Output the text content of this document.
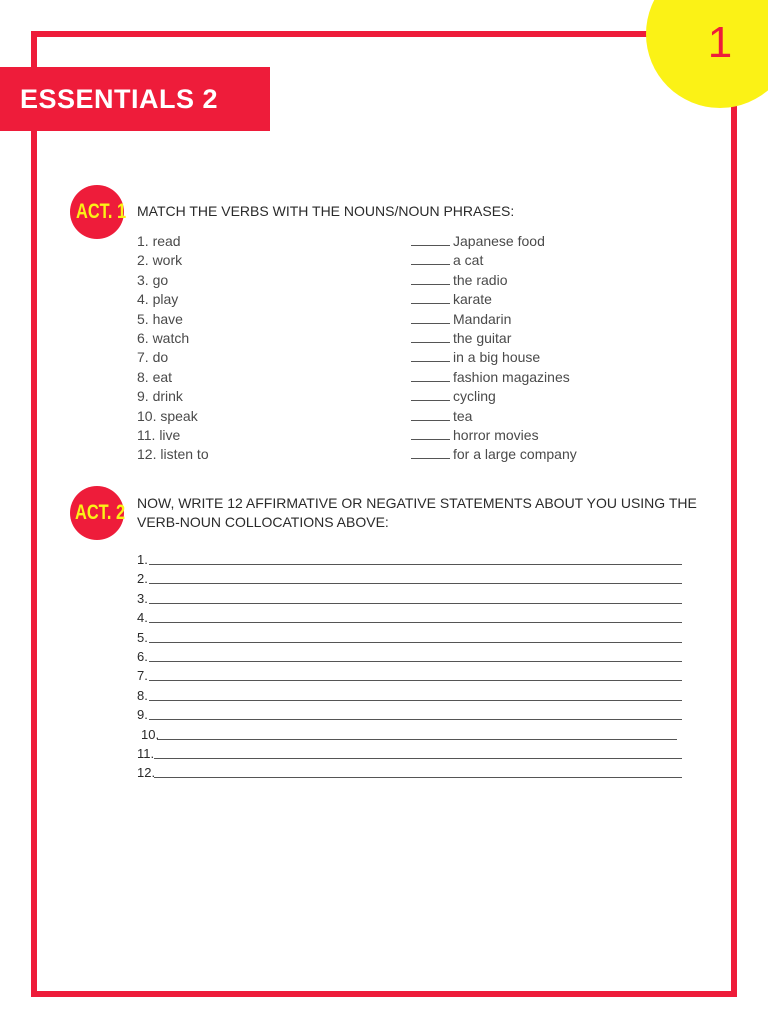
1
ESSENTIALS 2
ACT. 1 MATCH THE VERBS WITH THE NOUNS/NOUN PHRASES:
1. read
2. work
3. go
4. play
5. have
6. watch
7. do
8. eat
9. drink
10. speak
11. live
12. listen to
Japanese food
a cat
the radio
karate
Mandarin
the guitar
in a big house
fashion magazines
cycling
tea
horror movies
for a large company
ACT. 2 NOW, WRITE 12 AFFIRMATIVE OR NEGATIVE STATEMENTS ABOUT YOU USING THE
VERB-NOUN COLLOCATIONS ABOVE:
1.
2.
3.
4.
5.
6.
7.
8.
9.
10.
11.
12.
